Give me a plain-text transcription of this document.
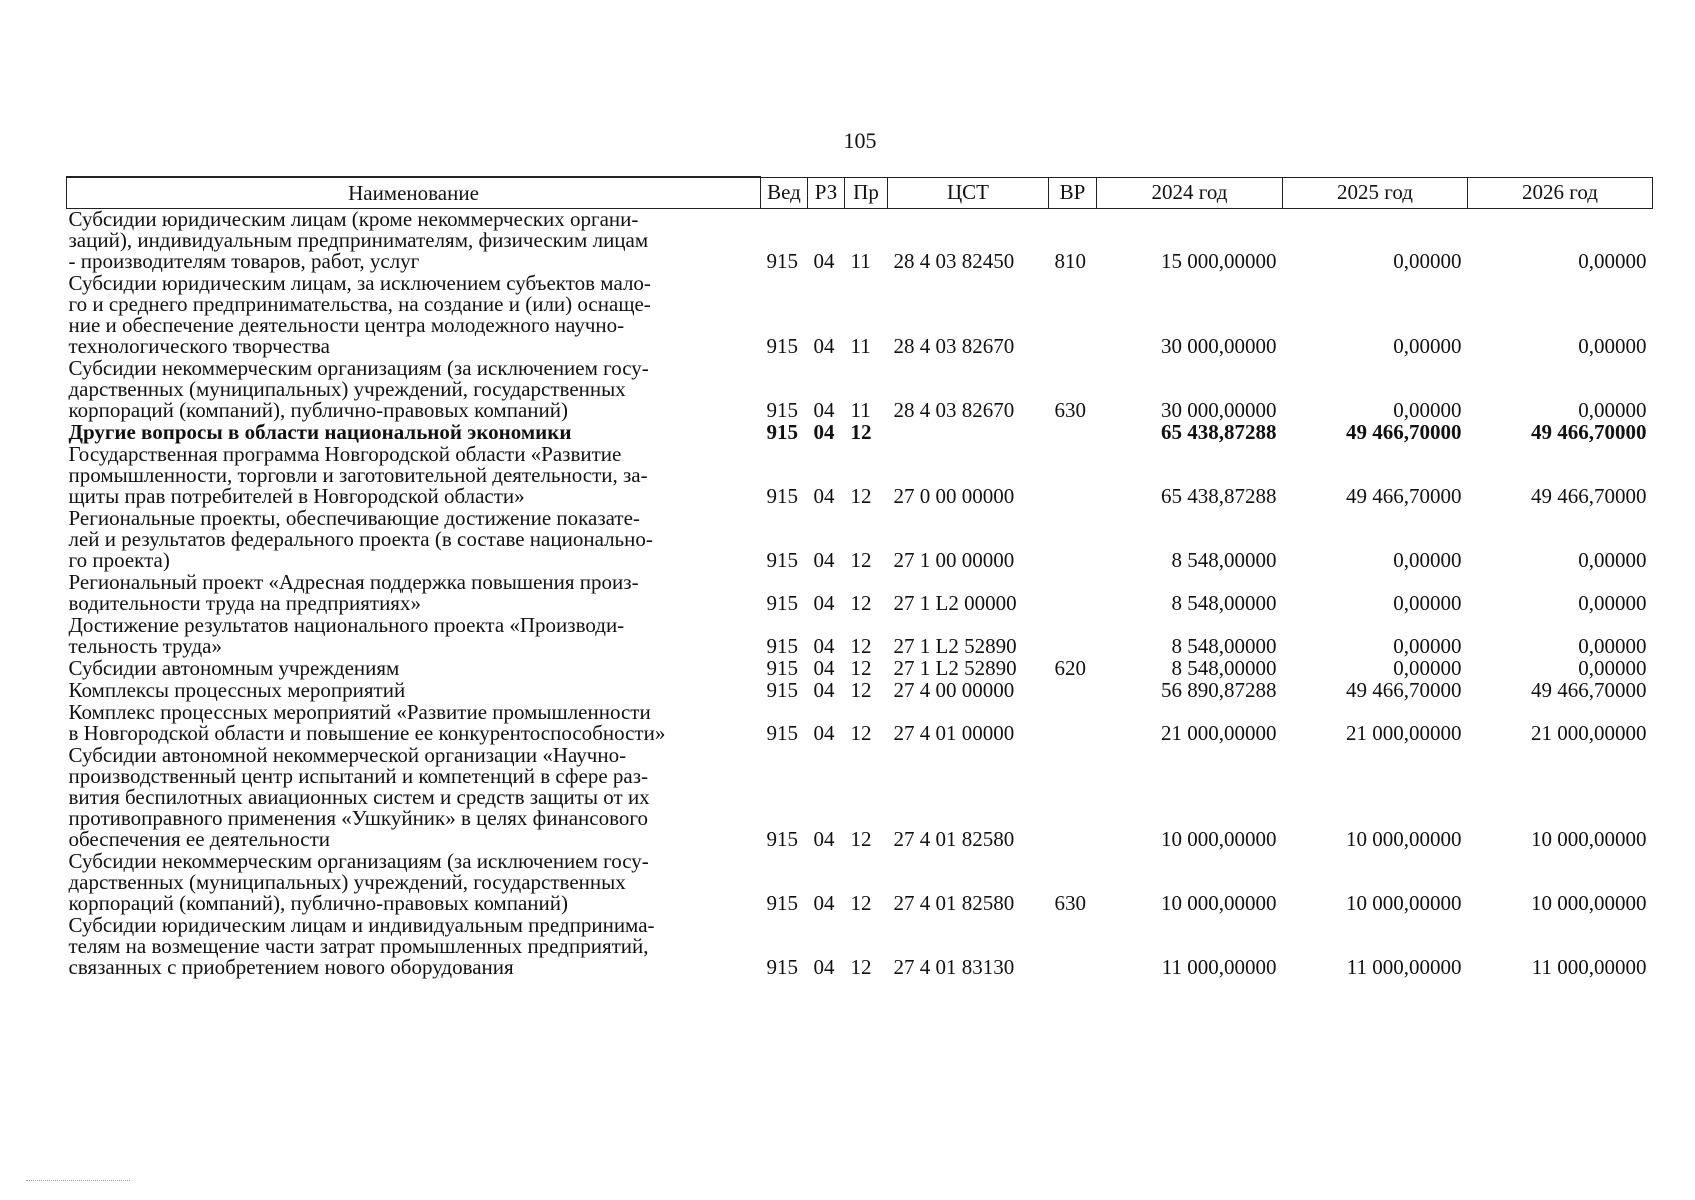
105
Наименование	Вед	РЗ	Пр	ЦСТ	ВР	2024 год	2025 год	2026 год

Субсидии юридическим лицам (кроме некоммерческих органи-
заций), индивидуальным предпринимателям, физическим лицам
- производителям товаров, работ, услуг	915	04	11	28 4 03 82450	810	15 000,00000	0,00000	0,00000

Субсидии юридическим лицам, за исключением субъектов мало-
го и среднего предпринимательства, на создание и (или) оснаще-
ние и обеспечение деятельности центра молодежного научно-
технологического творчества	915	04	11	28 4 03 82670		30 000,00000	0,00000	0,00000

Субсидии некоммерческим организациям (за исключением госу-
дарственных (муниципальных) учреждений, государственных
корпораций (компаний), публично-правовых компаний)	915	04	11	28 4 03 82670	630	30 000,00000	0,00000	0,00000

Другие вопросы в области национальной экономики	915	04	12			65 438,87288	49 466,70000	49 466,70000

Государственная программа Новгородской области «Развитие
промышленности, торговли и заготовительной деятельности, за-
щиты прав потребителей в Новгородской области»	915	04	12	27 0 00 00000		65 438,87288	49 466,70000	49 466,70000

Региональные проекты, обеспечивающие достижение показате-
лей и результатов федерального проекта (в составе национально-
го проекта)	915	04	12	27 1 00 00000		8 548,00000	0,00000	0,00000

Региональный проект «Адресная поддержка повышения произ-
водительности труда на предприятиях»	915	04	12	27 1 L2 00000		8 548,00000	0,00000	0,00000

Достижение результатов национального проекта «Производи-
тельность труда»	915	04	12	27 1 L2 52890		8 548,00000	0,00000	0,00000

Субсидии автономным учреждениям	915	04	12	27 1 L2 52890	620	8 548,00000	0,00000	0,00000

Комплексы процессных мероприятий	915	04	12	27 4 00 00000		56 890,87288	49 466,70000	49 466,70000

Комплекс процессных мероприятий «Развитие промышленности
в Новгородской области и повышение ее конкурентоспособности»	915	04	12	27 4 01 00000		21 000,00000	21 000,00000	21 000,00000

Субсидии автономной некоммерческой организации «Научно-
производственный центр испытаний и компетенций в сфере раз-
вития беспилотных авиационных систем и средств защиты от их
противоправного применения «Ушкуйник» в целях финансового
обеспечения ее деятельности	915	04	12	27 4 01 82580		10 000,00000	10 000,00000	10 000,00000

Субсидии некоммерческим организациям (за исключением госу-
дарственных (муниципальных) учреждений, государственных
корпораций (компаний), публично-правовых компаний)	915	04	12	27 4 01 82580	630	10 000,00000	10 000,00000	10 000,00000

Субсидии юридическим лицам и индивидуальным предпринима-
телям на возмещение части затрат промышленных предприятий,
связанных с приобретением нового оборудования	915	04	12	27 4 01 83130		11 000,00000	11 000,00000	11 000,00000
